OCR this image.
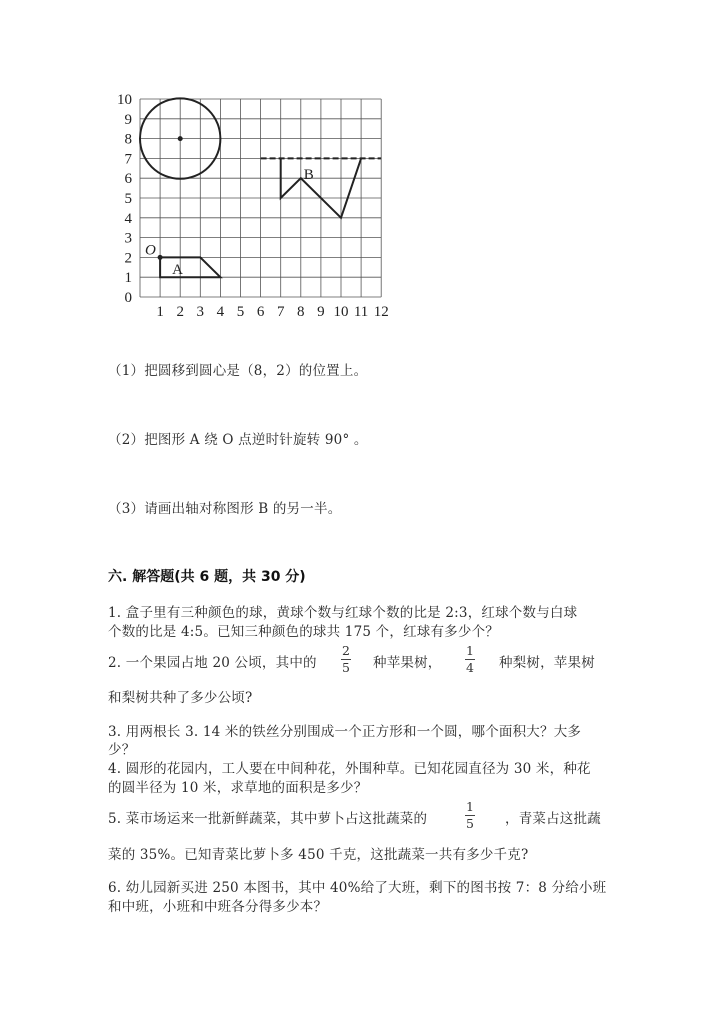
1 2 3 4 5 6 7 8 9 10 11 12
0
1
2
3
4
5
6
7
8
9
10
A
O
B
（1）把圆移到圆心是（8，2）的位置上。
（2）把图形 A 绕 O 点逆时针旋转 90° 。
（3）请画出轴对称图形 B 的另一半。
六. 解答题(共 6 题，共 30 分)
1. 盒子里有三种颜色的球，黄球个数与红球个数的比是 2:3，红球个数与白球
个数的比是 4:5。已知三种颜色的球共 175 个，红球有多少个？
2. 一个果园占地 20 公顷，其中的
2
5 种苹果树，
1
4 种梨树，苹果树
和梨树共种了多少公顷?
3. 用两根长 3. 14 米的铁丝分别围成一个正方形和一个圆，哪个面积大？大多
少？
4. 圆形的花园内，工人要在中间种花，外围种草。已知花园直径为 30 米，种花
的圆半径为 10 米，求草地的面积是多少？
5. 菜市场运来一批新鲜蔬菜，其中萝卜占这批蔬菜的
1
5 ，青菜占这批蔬
菜的 35%。已知青菜比萝卜多 450 千克，这批蔬菜一共有多少千克?
6. 幼儿园新买进 250 本图书，其中 40%给了大班，剩下的图书按 7：8 分给小班
和中班，小班和中班各分得多少本？
